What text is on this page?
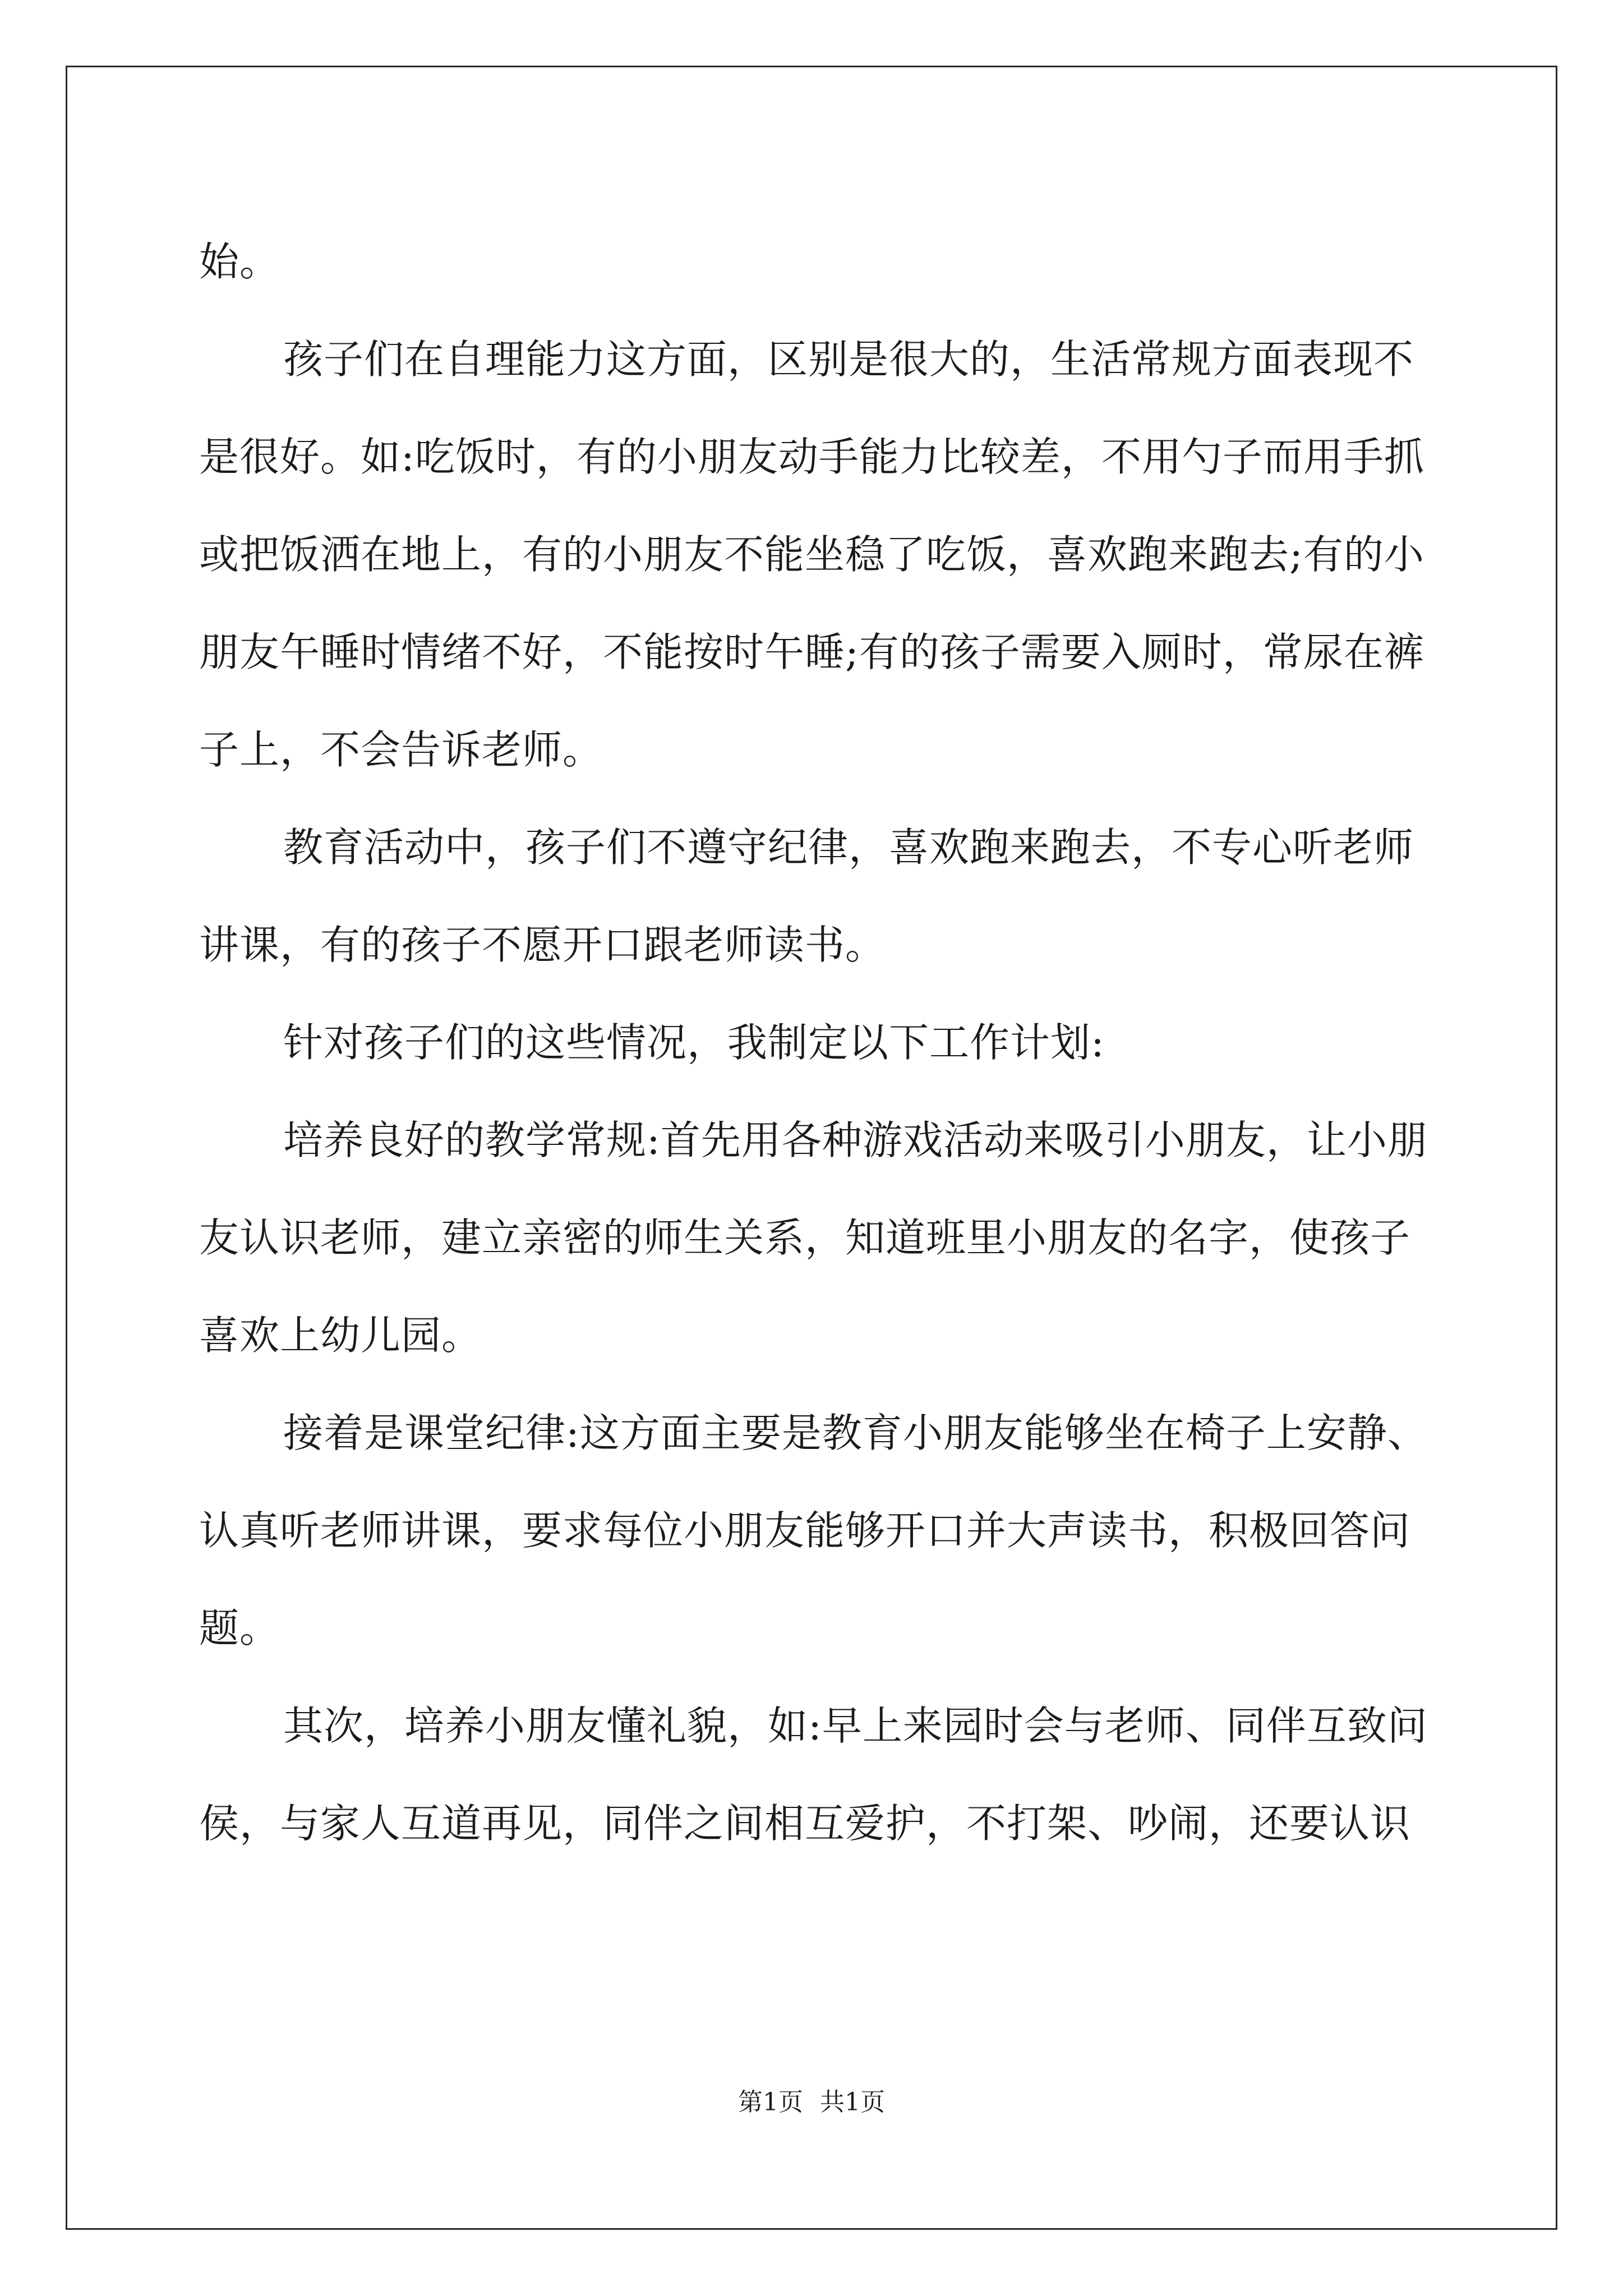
始。
孩子们在自理能力这方面，区别是很大的，生活常规方面表现不
是很好。如:吃饭时，有的小朋友动手能力比较差，不用勺子而用手抓
或把饭洒在地上，有的小朋友不能坐稳了吃饭，喜欢跑来跑去;有的小
朋友午睡时情绪不好，不能按时午睡;有的孩子需要入厕时，常尿在裤
子上，不会告诉老师。
教育活动中，孩子们不遵守纪律，喜欢跑来跑去，不专心听老师
讲课，有的孩子不愿开口跟老师读书。
针对孩子们的这些情况，我制定以下工作计划:
培养良好的教学常规:首先用各种游戏活动来吸引小朋友，让小朋
友认识老师，建立亲密的师生关系，知道班里小朋友的名字，使孩子
喜欢上幼儿园。
接着是课堂纪律:这方面主要是教育小朋友能够坐在椅子上安静、
认真听老师讲课，要求每位小朋友能够开口并大声读书，积极回答问
题。
其次，培养小朋友懂礼貌，如:早上来园时会与老师、同伴互致问
侯，与家人互道再见，同伴之间相互爱护，不打架、吵闹，还要认识
第1页 共1页
